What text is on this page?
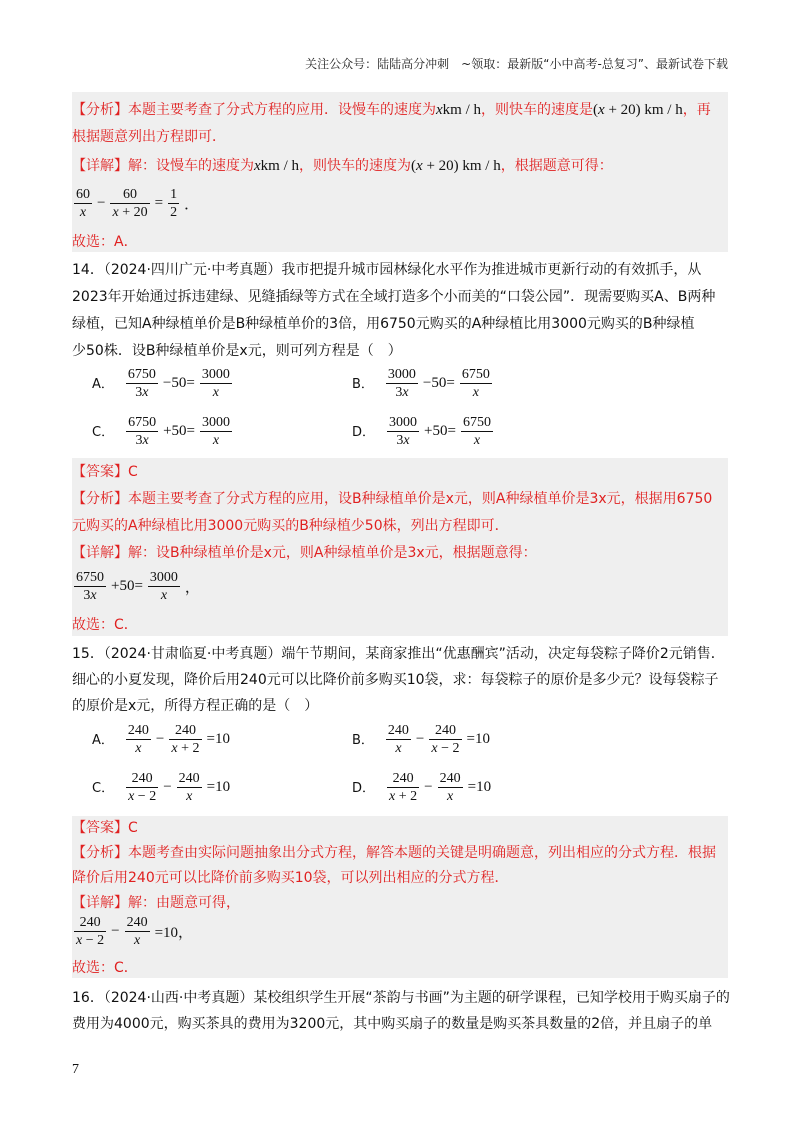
关注公众号：陆陆高分冲刺　~领取：最新版“小中高考-总复习”、最新试卷下载
【分析】本题主要考查了分式方程的应用．设慢车的速度为xkm / h，则快车的速度是(x + 20) km / h，再
根据题意列出方程即可．
【详解】解：设慢车的速度为xkm / h，则快车的速度为(x + 20) km / h，根据题意可得：
$\frac{60}{x} - \frac{60}{x + 20} = \frac{1}{2}$ ．
故选：A．
14．（2024·四川广元·中考真题）我市把提升城市园林绿化水平作为推进城市更新行动的有效抓手，从
2023年开始通过拆违建绿、见缝插绿等方式在全域打造多个小而美的“口袋公园”．现需要购买A、B两种
绿植，已知A种绿植单价是B种绿植单价的3倍，用6750元购买的A种绿植比用3000元购买的B种绿植
少50株．设B种绿植单价是x元，则可列方程是（　）
A． $\frac{6750}{3x} -50= \frac{3000}{x}$	B． $\frac{3000}{3x} -50= \frac{6750}{x}$
C． $\frac{6750}{3x} +50= \frac{3000}{x}$	D． $\frac{3000}{3x} +50= \frac{6750}{x}$
【答案】C
【分析】本题主要考查了分式方程的应用，设B种绿植单价是x元，则A种绿植单价是3x元，根据用6750
元购买的A种绿植比用3000元购买的B种绿植少50株，列出方程即可．
【详解】解：设B种绿植单价是x元，则A种绿植单价是3x元，根据题意得：
$\frac{6750}{3x} +50= \frac{3000}{x}$ ，
故选：C．
15．（2024·甘肃临夏·中考真题）端午节期间，某商家推出“优惠酬宾”活动，决定每袋粽子降价2元销售．
细心的小夏发现，降价后用240元可以比降价前多购买10袋，求：每袋粽子的原价是多少元？设每袋粽子
的原价是x元，所得方程正确的是（　）
A． $\frac{240}{x} - \frac{240}{x + 2} =10$	B． $\frac{240}{x} - \frac{240}{x - 2} =10$
C． $\frac{240}{x - 2} - \frac{240}{x} =10$	D． $\frac{240}{x + 2} - \frac{240}{x} =10$
【答案】C
【分析】本题考查由实际问题抽象出分式方程，解答本题的关键是明确题意，列出相应的分式方程．根据
降价后用240元可以比降价前多购买10袋，可以列出相应的分式方程．
【详解】解：由题意可得，
$\frac{240}{x - 2} - \frac{240}{x} =10$，
故选：C．
16．（2024·山西·中考真题）某校组织学生开展“茶韵与书画”为主题的研学课程，已知学校用于购买扇子的
费用为4000元，购买茶具的费用为3200元，其中购买扇子的数量是购买茶具数量的2倍，并且扇子的单
7
